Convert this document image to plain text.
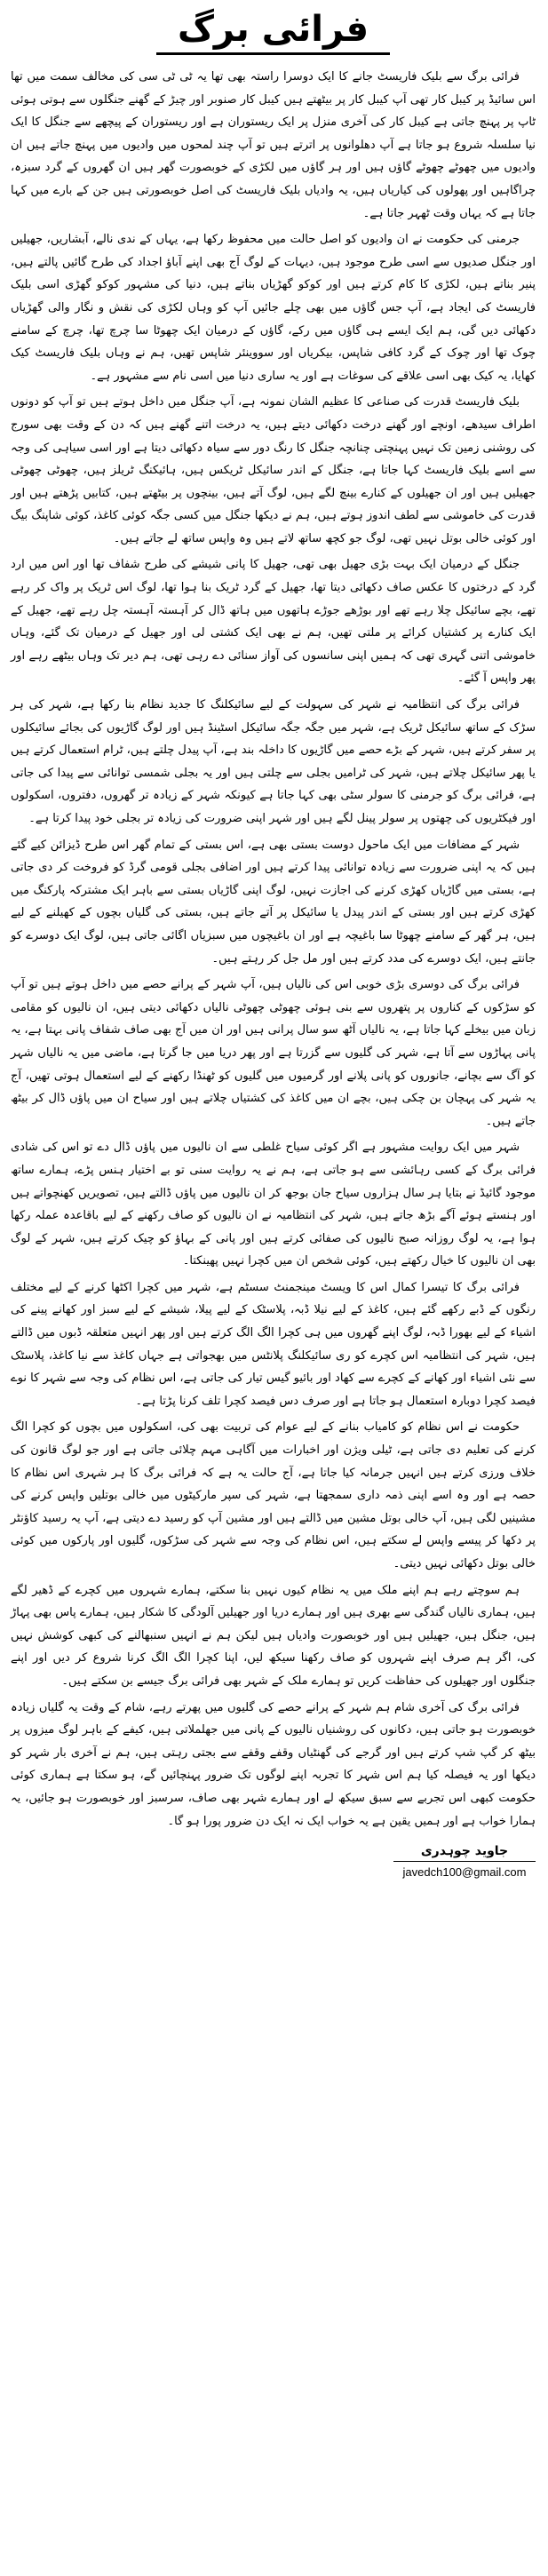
فرائی برگ

فرائی برگ سے بلیک فاریسٹ جانے کا ایک دوسرا راستہ بھی تھا یہ ٹی ٹی سی کی مخالف سمت میں تھا اس سائیڈ پر کیبل کار تھی آپ کیبل کار پر بیٹھتے ہیں کیبل کار صنوبر اور چیڑ کے گھنے جنگلوں سے ہوتی ہوئی ٹاپ پر پہنچ جاتی ہے کیبل کار کی آخری منزل پر ایک ریستوران ہے اور ریستوران کے پیچھے سے جنگل کا ایک نیا سلسلہ شروع ہو جاتا ہے آپ دھلوانوں پر اترتے ہیں تو آپ چند لمحوں میں وادیوں میں پہنچ جاتے ہیں ان وادیوں میں چھوٹے چھوٹے گاؤں ہیں اور ہر گاؤں میں لکڑی کے خوبصورت گھر ہیں ان گھروں کے گرد سبزہ، چراگاہیں اور پھولوں کی کیاریاں ہیں، یہ وادیاں بلیک فاریسٹ کی اصل خوبصورتی ہیں جن کے بارے میں کہا جاتا ہے کہ یہاں وقت ٹھہر جاتا ہے۔

جرمنی کی حکومت نے ان وادیوں کو اصل حالت میں محفوظ رکھا ہے، یہاں کے ندی نالے، آبشاریں، جھیلیں اور جنگل صدیوں سے اسی طرح موجود ہیں، دیہات کے لوگ آج بھی اپنے آباؤ اجداد کی طرح گائیں پالتے ہیں، پنیر بناتے ہیں، لکڑی کا کام کرتے ہیں اور کوکو گھڑیاں بناتے ہیں، دنیا کی مشہور کوکو گھڑی اسی بلیک فاریسٹ کی ایجاد ہے، آپ جس گاؤں میں بھی چلے جائیں آپ کو وہاں لکڑی کی نقش و نگار والی گھڑیاں دکھائی دیں گی، ہم ایک ایسے ہی گاؤں میں رکے، گاؤں کے درمیان ایک چھوٹا سا چرچ تھا، چرچ کے سامنے چوک تھا اور چوک کے گرد کافی شاپس، بیکریاں اور سووینئر شاپس تھیں، ہم نے وہاں بلیک فاریسٹ کیک کھایا، یہ کیک بھی اسی علاقے کی سوغات ہے اور یہ ساری دنیا میں اسی نام سے مشہور ہے۔

بلیک فاریسٹ قدرت کی صناعی کا عظیم الشان نمونہ ہے، آپ جنگل میں داخل ہوتے ہیں تو آپ کو دونوں اطراف سیدھے، اونچے اور گھنے درخت دکھائی دیتے ہیں، یہ درخت اتنے گھنے ہیں کہ دن کے وقت بھی سورج کی روشنی زمین تک نہیں پہنچتی چنانچہ جنگل کا رنگ دور سے سیاہ دکھائی دیتا ہے اور اسی سیاہی کی وجہ سے اسے بلیک فاریسٹ کہا جاتا ہے، جنگل کے اندر سائیکل ٹریکس ہیں، ہائیکنگ ٹریلز ہیں، چھوٹی چھوٹی جھیلیں ہیں اور ان جھیلوں کے کنارے بینچ لگے ہیں، لوگ آتے ہیں، بینچوں پر بیٹھتے ہیں، کتابیں پڑھتے ہیں اور قدرت کی خاموشی سے لطف اندوز ہوتے ہیں، ہم نے دیکھا جنگل میں کسی جگہ کوئی کاغذ، کوئی شاپنگ بیگ اور کوئی خالی بوتل نہیں تھی، لوگ جو کچھ ساتھ لاتے ہیں وہ واپس ساتھ لے جاتے ہیں۔

جنگل کے درمیان ایک بہت بڑی جھیل بھی تھی، جھیل کا پانی شیشے کی طرح شفاف تھا اور اس میں ارد گرد کے درختوں کا عکس صاف دکھائی دیتا تھا، جھیل کے گرد ٹریک بنا ہوا تھا، لوگ اس ٹریک پر واک کر رہے تھے، بچے سائیکل چلا رہے تھے اور بوڑھے جوڑے ہاتھوں میں ہاتھ ڈال کر آہستہ آہستہ چل رہے تھے، جھیل کے ایک کنارے پر کشتیاں کرائے پر ملتی تھیں، ہم نے بھی ایک کشتی لی اور جھیل کے درمیان تک گئے، وہاں خاموشی اتنی گہری تھی کہ ہمیں اپنی سانسوں کی آواز سنائی دے رہی تھی، ہم دیر تک وہاں بیٹھے رہے اور پھر واپس آ گئے۔

فرائی برگ کی انتظامیہ نے شہر کی سہولت کے لیے سائیکلنگ کا جدید نظام بنا رکھا ہے، شہر کی ہر سڑک کے ساتھ سائیکل ٹریک ہے، شہر میں جگہ جگہ سائیکل اسٹینڈ ہیں اور لوگ گاڑیوں کی بجائے سائیکلوں پر سفر کرتے ہیں، شہر کے بڑے حصے میں گاڑیوں کا داخلہ بند ہے، آپ پیدل چلتے ہیں، ٹرام استعمال کرتے ہیں یا پھر سائیکل چلاتے ہیں، شہر کی ٹرامیں بجلی سے چلتی ہیں اور یہ بجلی شمسی توانائی سے پیدا کی جاتی ہے، فرائی برگ کو جرمنی کا سولر سٹی بھی کہا جاتا ہے کیونکہ شہر کے زیادہ تر گھروں، دفتروں، اسکولوں اور فیکٹریوں کی چھتوں پر سولر پینل لگے ہیں اور شہر اپنی ضرورت کی زیادہ تر بجلی خود پیدا کرتا ہے۔

شہر کے مضافات میں ایک ماحول دوست بستی بھی ہے، اس بستی کے تمام گھر اس طرح ڈیزائن کیے گئے ہیں کہ یہ اپنی ضرورت سے زیادہ توانائی پیدا کرتے ہیں اور اضافی بجلی قومی گرڈ کو فروخت کر دی جاتی ہے، بستی میں گاڑیاں کھڑی کرنے کی اجازت نہیں، لوگ اپنی گاڑیاں بستی سے باہر ایک مشترکہ پارکنگ میں کھڑی کرتے ہیں اور بستی کے اندر پیدل یا سائیکل پر آتے جاتے ہیں، بستی کی گلیاں بچوں کے کھیلنے کے لیے ہیں، ہر گھر کے سامنے چھوٹا سا باغیچہ ہے اور ان باغیچوں میں سبزیاں اگائی جاتی ہیں، لوگ ایک دوسرے کو جانتے ہیں، ایک دوسرے کی مدد کرتے ہیں اور مل جل کر رہتے ہیں۔

فرائی برگ کی دوسری بڑی خوبی اس کی نالیاں ہیں، آپ شہر کے پرانے حصے میں داخل ہوتے ہیں تو آپ کو سڑکوں کے کناروں پر پتھروں سے بنی ہوئی چھوٹی چھوٹی نالیاں دکھائی دیتی ہیں، ان نالیوں کو مقامی زبان میں بیخلے کہا جاتا ہے، یہ نالیاں آٹھ سو سال پرانی ہیں اور ان میں آج بھی صاف شفاف پانی بہتا ہے، یہ پانی پہاڑوں سے آتا ہے، شہر کی گلیوں سے گزرتا ہے اور پھر دریا میں جا گرتا ہے، ماضی میں یہ نالیاں شہر کو آگ سے بچانے، جانوروں کو پانی پلانے اور گرمیوں میں گلیوں کو ٹھنڈا رکھنے کے لیے استعمال ہوتی تھیں، آج یہ شہر کی پہچان بن چکی ہیں، بچے ان میں کاغذ کی کشتیاں چلاتے ہیں اور سیاح ان میں پاؤں ڈال کر بیٹھ جاتے ہیں۔

شہر میں ایک روایت مشہور ہے اگر کوئی سیاح غلطی سے ان نالیوں میں پاؤں ڈال دے تو اس کی شادی فرائی برگ کے کسی رہائشی سے ہو جاتی ہے، ہم نے یہ روایت سنی تو بے اختیار ہنس پڑے، ہمارے ساتھ موجود گائیڈ نے بتایا ہر سال ہزاروں سیاح جان بوجھ کر ان نالیوں میں پاؤں ڈالتے ہیں، تصویریں کھنچواتے ہیں اور ہنستے ہوئے آگے بڑھ جاتے ہیں، شہر کی انتظامیہ نے ان نالیوں کو صاف رکھنے کے لیے باقاعدہ عملہ رکھا ہوا ہے، یہ لوگ روزانہ صبح نالیوں کی صفائی کرتے ہیں اور پانی کے بہاؤ کو چیک کرتے ہیں، شہر کے لوگ بھی ان نالیوں کا خیال رکھتے ہیں، کوئی شخص ان میں کچرا نہیں پھینکتا۔

فرائی برگ کا تیسرا کمال اس کا ویسٹ مینجمنٹ سسٹم ہے، شہر میں کچرا اکٹھا کرنے کے لیے مختلف رنگوں کے ڈبے رکھے گئے ہیں، کاغذ کے لیے نیلا ڈبہ، پلاسٹک کے لیے پیلا، شیشے کے لیے سبز اور کھانے پینے کی اشیاء کے لیے بھورا ڈبہ، لوگ اپنے گھروں میں ہی کچرا الگ الگ کرتے ہیں اور پھر انہیں متعلقہ ڈبوں میں ڈالتے ہیں، شہر کی انتظامیہ اس کچرے کو ری سائیکلنگ پلانٹس میں بھجواتی ہے جہاں کاغذ سے نیا کاغذ، پلاسٹک سے نئی اشیاء اور کھانے کے کچرے سے کھاد اور بائیو گیس تیار کی جاتی ہے، اس نظام کی وجہ سے شہر کا نوے فیصد کچرا دوبارہ استعمال ہو جاتا ہے اور صرف دس فیصد کچرا تلف کرنا پڑتا ہے۔

حکومت نے اس نظام کو کامیاب بنانے کے لیے عوام کی تربیت بھی کی، اسکولوں میں بچوں کو کچرا الگ کرنے کی تعلیم دی جاتی ہے، ٹیلی ویژن اور اخبارات میں آگاہی مہم چلائی جاتی ہے اور جو لوگ قانون کی خلاف ورزی کرتے ہیں انہیں جرمانہ کیا جاتا ہے، آج حالت یہ ہے کہ فرائی برگ کا ہر شہری اس نظام کا حصہ ہے اور وہ اسے اپنی ذمہ داری سمجھتا ہے، شہر کی سپر مارکیٹوں میں خالی بوتلیں واپس کرنے کی مشینیں لگی ہیں، آپ خالی بوتل مشین میں ڈالتے ہیں اور مشین آپ کو رسید دے دیتی ہے، آپ یہ رسید کاؤنٹر پر دکھا کر پیسے واپس لے سکتے ہیں، اس نظام کی وجہ سے شہر کی سڑکوں، گلیوں اور پارکوں میں کوئی خالی بوتل دکھائی نہیں دیتی۔

ہم سوچتے رہے ہم اپنے ملک میں یہ نظام کیوں نہیں بنا سکتے، ہمارے شہروں میں کچرے کے ڈھیر لگے ہیں، ہماری نالیاں گندگی سے بھری ہیں اور ہمارے دریا اور جھیلیں آلودگی کا شکار ہیں، ہمارے پاس بھی پہاڑ ہیں، جنگل ہیں، جھیلیں ہیں اور خوبصورت وادیاں ہیں لیکن ہم نے انہیں سنبھالنے کی کبھی کوشش نہیں کی، اگر ہم صرف اپنے شہروں کو صاف رکھنا سیکھ لیں، اپنا کچرا الگ الگ کرنا شروع کر دیں اور اپنے جنگلوں اور جھیلوں کی حفاظت کریں تو ہمارے ملک کے شہر بھی فرائی برگ جیسے بن سکتے ہیں۔

فرائی برگ کی آخری شام ہم شہر کے پرانے حصے کی گلیوں میں پھرتے رہے، شام کے وقت یہ گلیاں زیادہ خوبصورت ہو جاتی ہیں، دکانوں کی روشنیاں نالیوں کے پانی میں جھلملاتی ہیں، کیفے کے باہر لوگ میزوں پر بیٹھ کر گپ شپ کرتے ہیں اور گرجے کی گھنٹیاں وقفے وقفے سے بجتی رہتی ہیں، ہم نے آخری بار شہر کو دیکھا اور یہ فیصلہ کیا ہم اس شہر کا تجربہ اپنے لوگوں تک ضرور پہنچائیں گے، ہو سکتا ہے ہماری کوئی حکومت کبھی اس تجربے سے سبق سیکھ لے اور ہمارے شہر بھی صاف، سرسبز اور خوبصورت ہو جائیں، یہ ہمارا خواب ہے اور ہمیں یقین ہے یہ خواب ایک نہ ایک دن ضرور پورا ہو گا۔

جاوید چوہدری
javedch100@gmail.com
